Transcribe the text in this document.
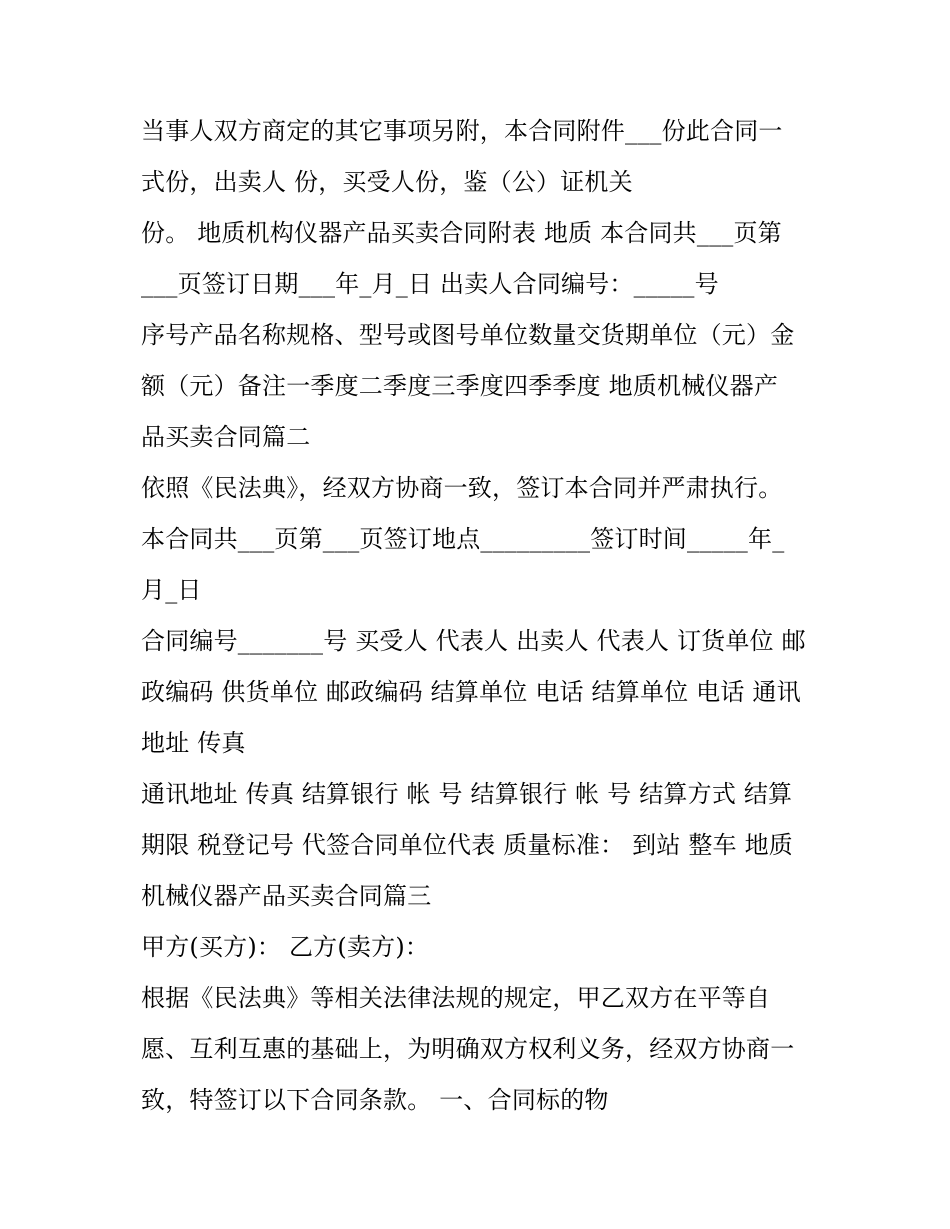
当事人双方商定的其它事项另附，本合同附件___份此合同一
式份，出卖人 份，买受人份，鉴（公）证机关
份。 地质机构仪器产品买卖合同附表 地质 本合同共___页第
___页签订日期___年_月_日 出卖人合同编号：_____号
序号产品名称规格、型号或图号单位数量交货期单位（元）金
额（元）备注一季度二季度三季度四季季度 地质机械仪器产
品买卖合同篇二
依照《民法典》，经双方协商一致，签订本合同并严肃执行。
本合同共___页第___页签订地点_________签订时间_____年_
月_日
合同编号_______号 买受人 代表人 出卖人 代表人 订货单位 邮
政编码 供货单位 邮政编码 结算单位 电话 结算单位 电话 通讯
地址 传真
通讯地址 传真 结算银行 帐 号 结算银行 帐 号 结算方式 结算
期限 税登记号 代签合同单位代表 质量标准： 到站 整车 地质
机械仪器产品买卖合同篇三
甲方(买方)： 乙方(卖方)：
根据《民法典》等相关法律法规的规定，甲乙双方在平等自
愿、互利互惠的基础上，为明确双方权利义务，经双方协商一
致，特签订以下合同条款。 一、合同标的物
